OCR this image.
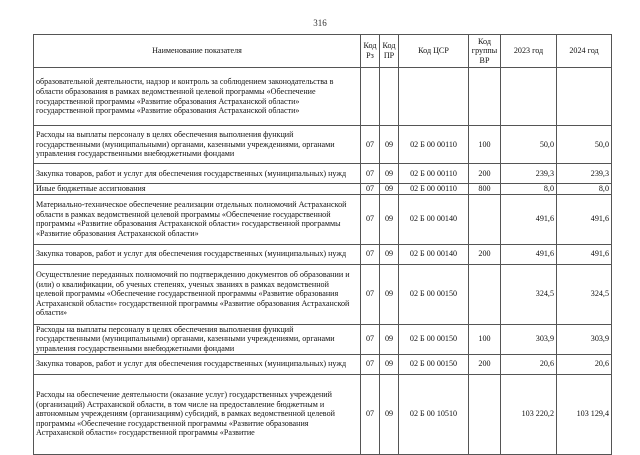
316
Наименование показателя	Код Рз	Код ПР	Код ЦСР	Код группы ВР	2023 год	2024 год
образовательной деятельности, надзор и контроль за соблюдением законодательства в области образования в рамках ведомственной целевой программы «Обеспечение государственной программы «Развитие образования Астраханской области» государственной программы «Развитие образования Астраханской области»						
Расходы на выплаты персоналу в целях обеспечения выполнения функций государственными (муниципальными) органами, казенными учреждениями, органами управления государственными внебюджетными фондами	07	09	02 Б 00 00110	100	50,0	50,0
Закупка товаров, работ и услуг для обеспечения государственных (муниципальных) нужд	07	09	02 Б 00 00110	200	239,3	239,3
Иные бюджетные ассигнования	07	09	02 Б 00 00110	800	8,0	8,0
Материально-техническое обеспечение реализации отдельных полномочий Астраханской области в рамках ведомственной целевой программы «Обеспечение государственной программы «Развитие образования Астраханской области» государственной программы «Развитие образования Астраханской области»	07	09	02 Б 00 00140		491,6	491,6
Закупка товаров, работ и услуг для обеспечения государственных (муниципальных) нужд	07	09	02 Б 00 00140	200	491,6	491,6
Осуществление переданных полномочий по подтверждению документов об образовании и (или) о квалификации, об ученых степенях, ученых званиях в рамках ведомственной целевой программы «Обеспечение государственной программы «Развитие образования Астраханской области» государственной программы «Развитие образования Астраханской области»	07	09	02 Б 00 00150		324,5	324,5
Расходы на выплаты персоналу в целях обеспечения выполнения функций государственными (муниципальными) органами, казенными учреждениями, органами управления государственными внебюджетными фондами	07	09	02 Б 00 00150	100	303,9	303,9
Закупка товаров, работ и услуг для обеспечения государственных (муниципальных) нужд	07	09	02 Б 00 00150	200	20,6	20,6
Расходы на обеспечение деятельности (оказание услуг) государственных учреждений (организаций) Астраханской области, в том числе на предоставление бюджетным и автономным учреждениям (организациям) субсидий, в рамках ведомственной целевой программы «Обеспечение государственной программы «Развитие образования Астраханской области» государственной программы «Развитие	07	09	02 Б 00 10510		103 220,2	103 129,4
